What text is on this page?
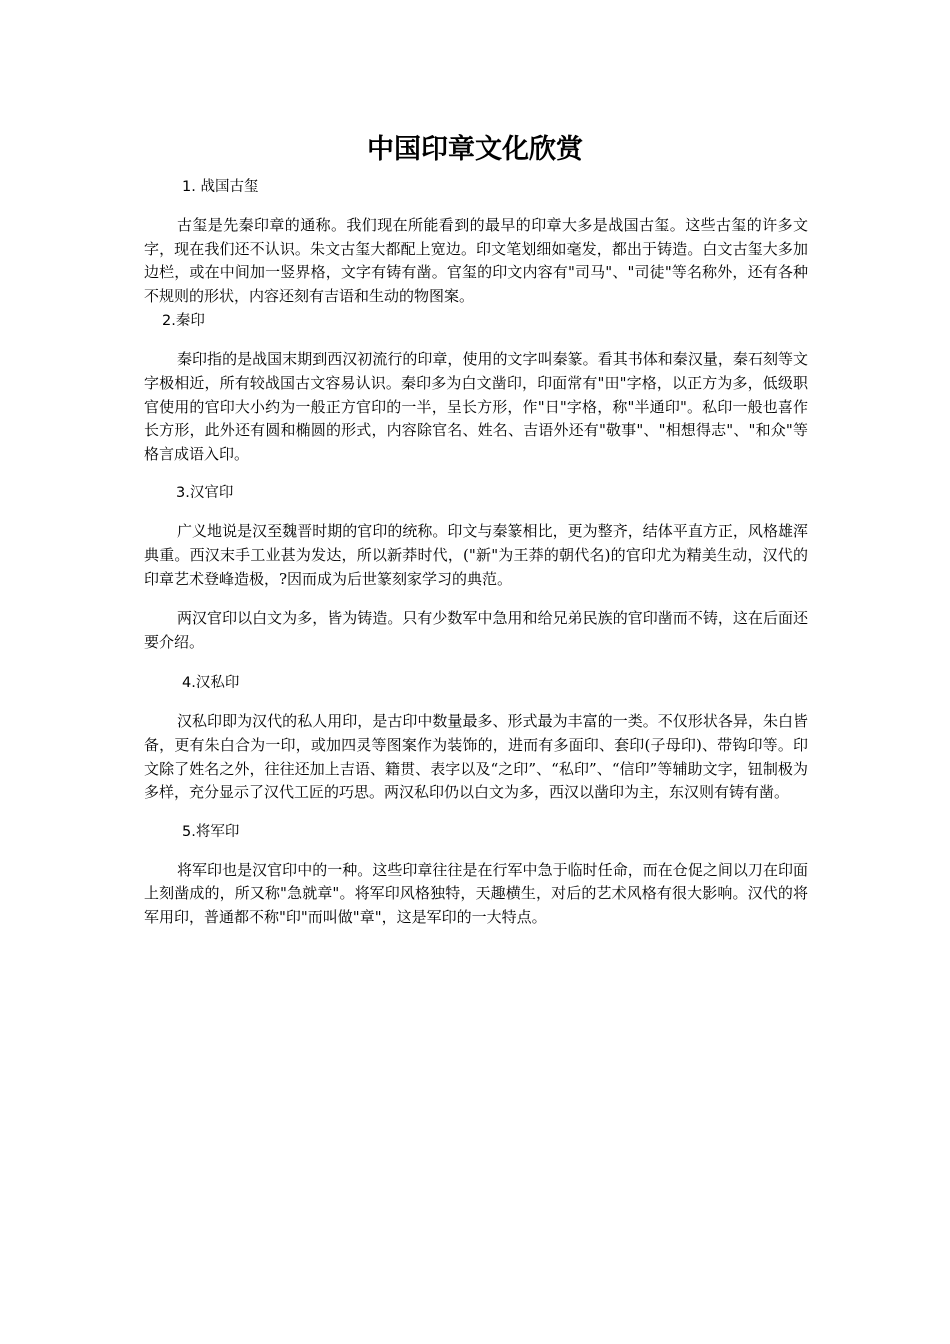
中国印章文化欣赏
1. 战国古玺

古玺是先秦印章的通称。我们现在所能看到的最早的印章大多是战国古玺。这些古玺的许多文字，现在我们还不认识。朱文古玺大都配上宽边。印文笔划细如毫发，都出于铸造。白文古玺大多加边栏，或在中间加一竖界格，文字有铸有凿。官玺的印文内容有"司马"、"司徒"等名称外，还有各种不规则的形状，内容还刻有吉语和生动的物图案。

2.秦印

秦印指的是战国末期到西汉初流行的印章，使用的文字叫秦篆。看其书体和秦汉量，秦石刻等文字极相近，所有较战国古文容易认识。秦印多为白文凿印，印面常有"田"字格，以正方为多，低级职官使用的官印大小约为一般正方官印的一半，呈长方形，作"日"字格，称"半通印"。私印一般也喜作长方形，此外还有圆和椭圆的形式，内容除官名、姓名、吉语外还有"敬事"、"相想得志"、"和众"等格言成语入印。

3.汉官印

广义地说是汉至魏晋时期的官印的统称。印文与秦篆相比，更为整齐，结体平直方正，风格雄浑典重。西汉末手工业甚为发达，所以新莽时代，("新"为王莽的朝代名)的官印尤为精美生动，汉代的印章艺术登峰造极，?因而成为后世篆刻家学习的典范。

两汉官印以白文为多，皆为铸造。只有少数军中急用和给兄弟民族的官印凿而不铸，这在后面还要介绍。

4.汉私印

汉私印即为汉代的私人用印，是古印中数量最多、形式最为丰富的一类。不仅形状各异，朱白皆备，更有朱白合为一印，或加四灵等图案作为装饰的，进而有多面印、套印(子母印)、带钩印等。印文除了姓名之外，往往还加上吉语、籍贯、表字以及“之印”、“私印”、“信印”等辅助文字，钮制极为多样，充分显示了汉代工匠的巧思。两汉私印仍以白文为多，西汉以凿印为主，东汉则有铸有凿。

5.将军印

将军印也是汉官印中的一种。这些印章往往是在行军中急于临时任命，而在仓促之间以刀在印面上刻凿成的，所又称"急就章"。将军印风格独特，天趣横生，对后的艺术风格有很大影响。汉代的将军用印，普通都不称"印"而叫做"章"，这是军印的一大特点。
